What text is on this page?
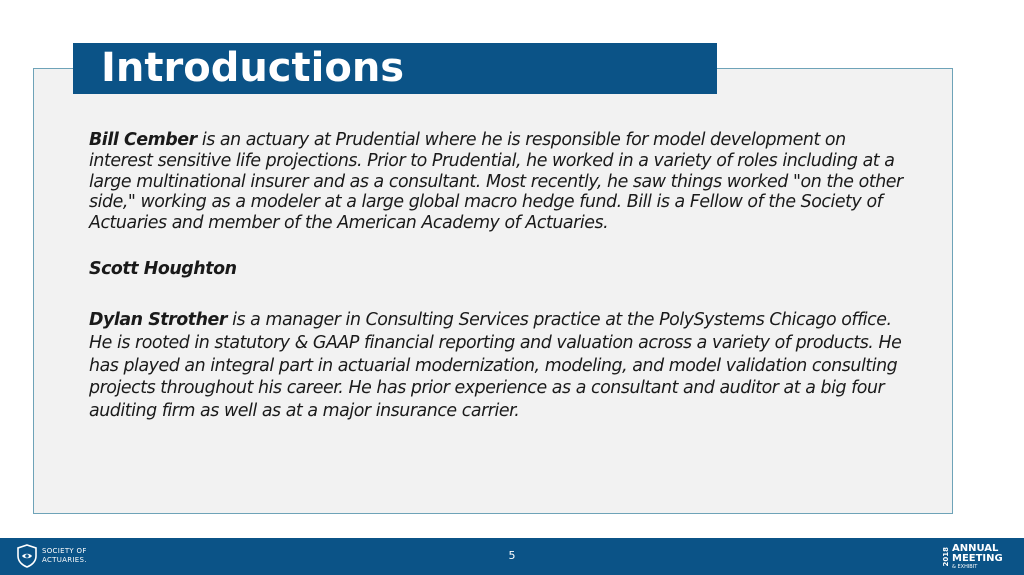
Introductions

Bill Cember is an actuary at Prudential where he is responsible for model development on interest sensitive life projections. Prior to Prudential, he worked in a variety of roles including at a large multinational insurer and as a consultant. Most recently, he saw things worked "on the other side," working as a modeler at a large global macro hedge fund. Bill is a Fellow of the Society of Actuaries and member of the American Academy of Actuaries.

Scott Houghton

Dylan Strother is a manager in Consulting Services practice at the PolySystems Chicago office. He is rooted in statutory & GAAP financial reporting and valuation across a variety of products. He has played an integral part in actuarial modernization, modeling, and model validation consulting projects throughout his career. He has prior experience as a consultant and auditor at a big four auditing firm as well as at a major insurance carrier.

SOCIETY OF
ACTUARIES.	5	2018 ANNUAL
MEETING
& EXHIBIT
